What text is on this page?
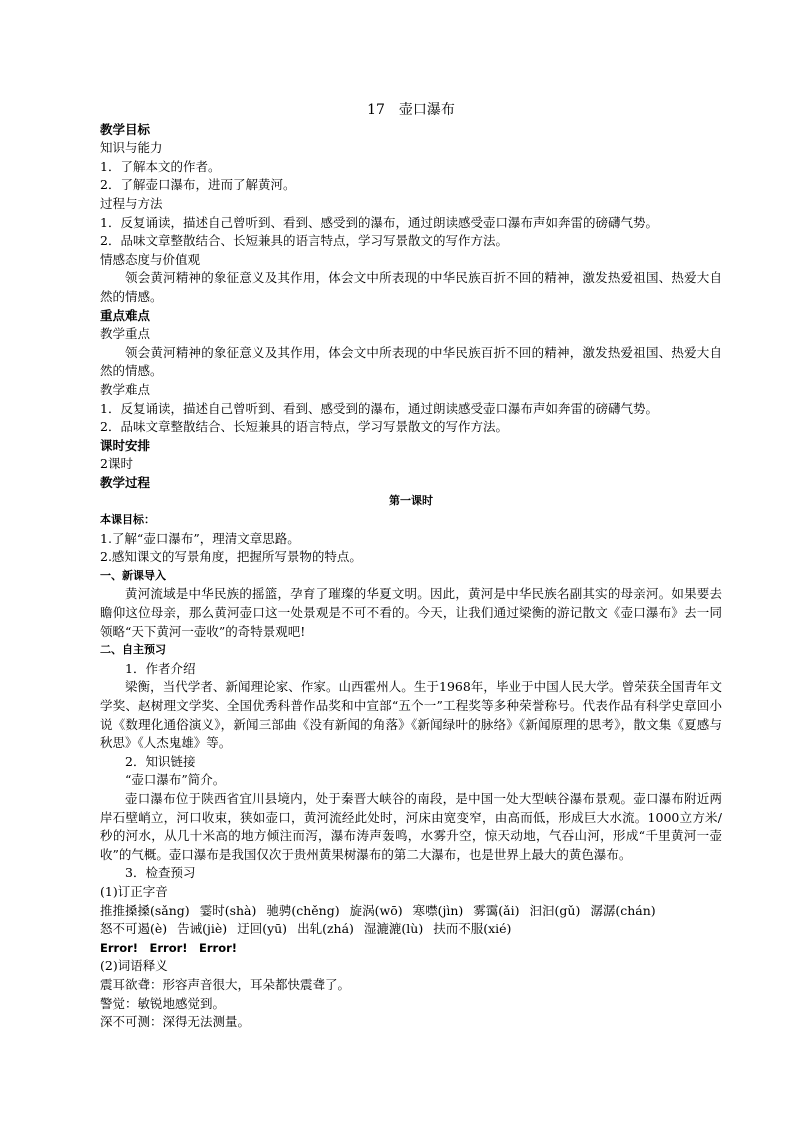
17　壶口瀑布
教学目标
知识与能力
1．了解本文的作者。
2．了解壶口瀑布，进而了解黄河。
过程与方法
1．反复诵读，描述自己曾听到、看到、感受到的瀑布，通过朗读感受壶口瀑布声如奔雷的磅礴气势。
2．品味文章整散结合、长短兼具的语言特点，学习写景散文的写作方法。
情感态度与价值观
领会黄河精神的象征意义及其作用，体会文中所表现的中华民族百折不回的精神，激发热爱祖国、热爱大自然的情感。
重点难点
教学重点
领会黄河精神的象征意义及其作用，体会文中所表现的中华民族百折不回的精神，激发热爱祖国、热爱大自然的情感。
教学难点
1．反复诵读，描述自己曾听到、看到、感受到的瀑布，通过朗读感受壶口瀑布声如奔雷的磅礴气势。
2．品味文章整散结合、长短兼具的语言特点，学习写景散文的写作方法。
课时安排
2课时
教学过程
第一课时
本课目标：
1.了解“壶口瀑布”，理清文章思路。
2.感知课文的写景角度，把握所写景物的特点。
一、新课导入
黄河流域是中华民族的摇篮，孕育了璀璨的华夏文明。因此，黄河是中华民族名副其实的母亲河。如果要去瞻仰这位母亲，那么黄河壶口这一处景观是不可不看的。今天，让我们通过梁衡的游记散文《壶口瀑布》去一同领略“天下黄河一壶收”的奇特景观吧!
二、自主预习
1．作者介绍
梁衡，当代学者、新闻理论家、作家。山西霍州人。生于1968年，毕业于中国人民大学。曾荣获全国青年文学奖、赵树理文学奖、全国优秀科普作品奖和中宣部“五个一”工程奖等多种荣誉称号。代表作品有科学史章回小说《数理化通俗演义》，新闻三部曲《没有新闻的角落》《新闻绿叶的脉络》《新闻原理的思考》，散文集《夏感与秋思》《人杰鬼雄》等。
2．知识链接
“壶口瀑布”简介。
壶口瀑布位于陕西省宜川县境内，处于秦晋大峡谷的南段，是中国一处大型峡谷瀑布景观。壶口瀑布附近两岸石壁峭立，河口收束，狭如壶口，黄河流经此处时，河床由宽变窄，由高而低，形成巨大水流。1000立方米/秒的河水，从几十米高的地方倾注而泻，瀑布涛声轰鸣，水雾升空，惊天动地，气吞山河，形成“千里黄河一壶收”的气概。壶口瀑布是我国仅次于贵州黄果树瀑布的第二大瀑布，也是世界上最大的黄色瀑布。
3．检查预习
(1)订正字音
推推搡搡(sǎng) 霎时(shà) 驰骋(chěng) 旋涡(wō) 寒噤(jìn) 雾霭(ǎi) 汩汩(gǔ) 潺潺(chán)
怒不可遏(è) 告诫(jiè) 迂回(yū) 出轧(zhá) 湿漉漉(lù) 扶而不服(xié)
Error!　Error!　Error!
(2)词语释义
震耳欲聋：形容声音很大，耳朵都快震聋了。
警觉：敏锐地感觉到。
深不可测：深得无法测量。
